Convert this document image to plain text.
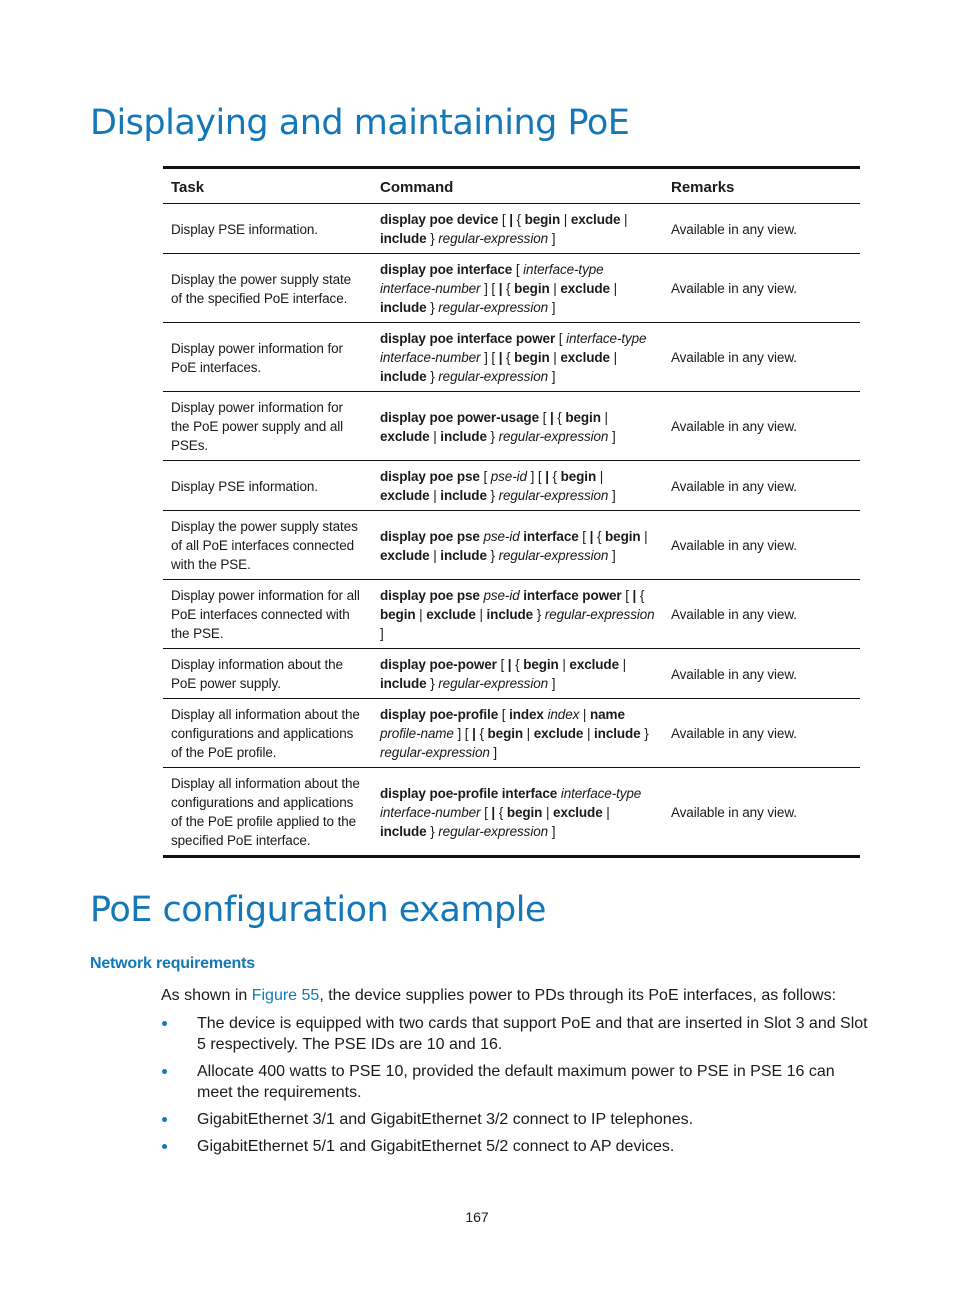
Displaying and maintaining PoE
Task	Command	Remarks
Display PSE information.	display poe device [ | { begin | exclude | include } regular-expression ]	Available in any view.
Display the power supply state of the specified PoE interface.	display poe interface [ interface-type interface-number ] [ | { begin | exclude | include } regular-expression ]	Available in any view.
Display power information for PoE interfaces.	display poe interface power [ interface-type interface-number ] [ | { begin | exclude | include } regular-expression ]	Available in any view.
Display power information for the PoE power supply and all PSEs.	display poe power-usage [ | { begin | exclude | include } regular-expression ]	Available in any view.
Display PSE information.	display poe pse [ pse-id ] [ | { begin | exclude | include } regular-expression ]	Available in any view.
Display the power supply states of all PoE interfaces connected with the PSE.	display poe pse pse-id interface [ | { begin | exclude | include } regular-expression ]	Available in any view.
Display power information for all PoE interfaces connected with the PSE.	display poe pse pse-id interface power [ | { begin | exclude | include } regular-expression ]	Available in any view.
Display information about the PoE power supply.	display poe-power [ | { begin | exclude | include } regular-expression ]	Available in any view.
Display all information about the configurations and applications of the PoE profile.	display poe-profile [ index index | name profile-name ] [ | { begin | exclude | include } regular-expression ]	Available in any view.
Display all information about the configurations and applications of the PoE profile applied to the specified PoE interface.	display poe-profile interface interface-type interface-number [ | { begin | exclude | include } regular-expression ]	Available in any view.
PoE configuration example
Network requirements

As shown in Figure 55, the device supplies power to PDs through its PoE interfaces, as follows:

The device is equipped with two cards that support PoE and that are inserted in Slot 3 and Slot 5 respectively. The PSE IDs are 10 and 16.
Allocate 400 watts to PSE 10, provided the default maximum power to PSE in PSE 16 can meet the requirements.
GigabitEthernet 3/1 and GigabitEthernet 3/2 connect to IP telephones.
GigabitEthernet 5/1 and GigabitEthernet 5/2 connect to AP devices.
167
